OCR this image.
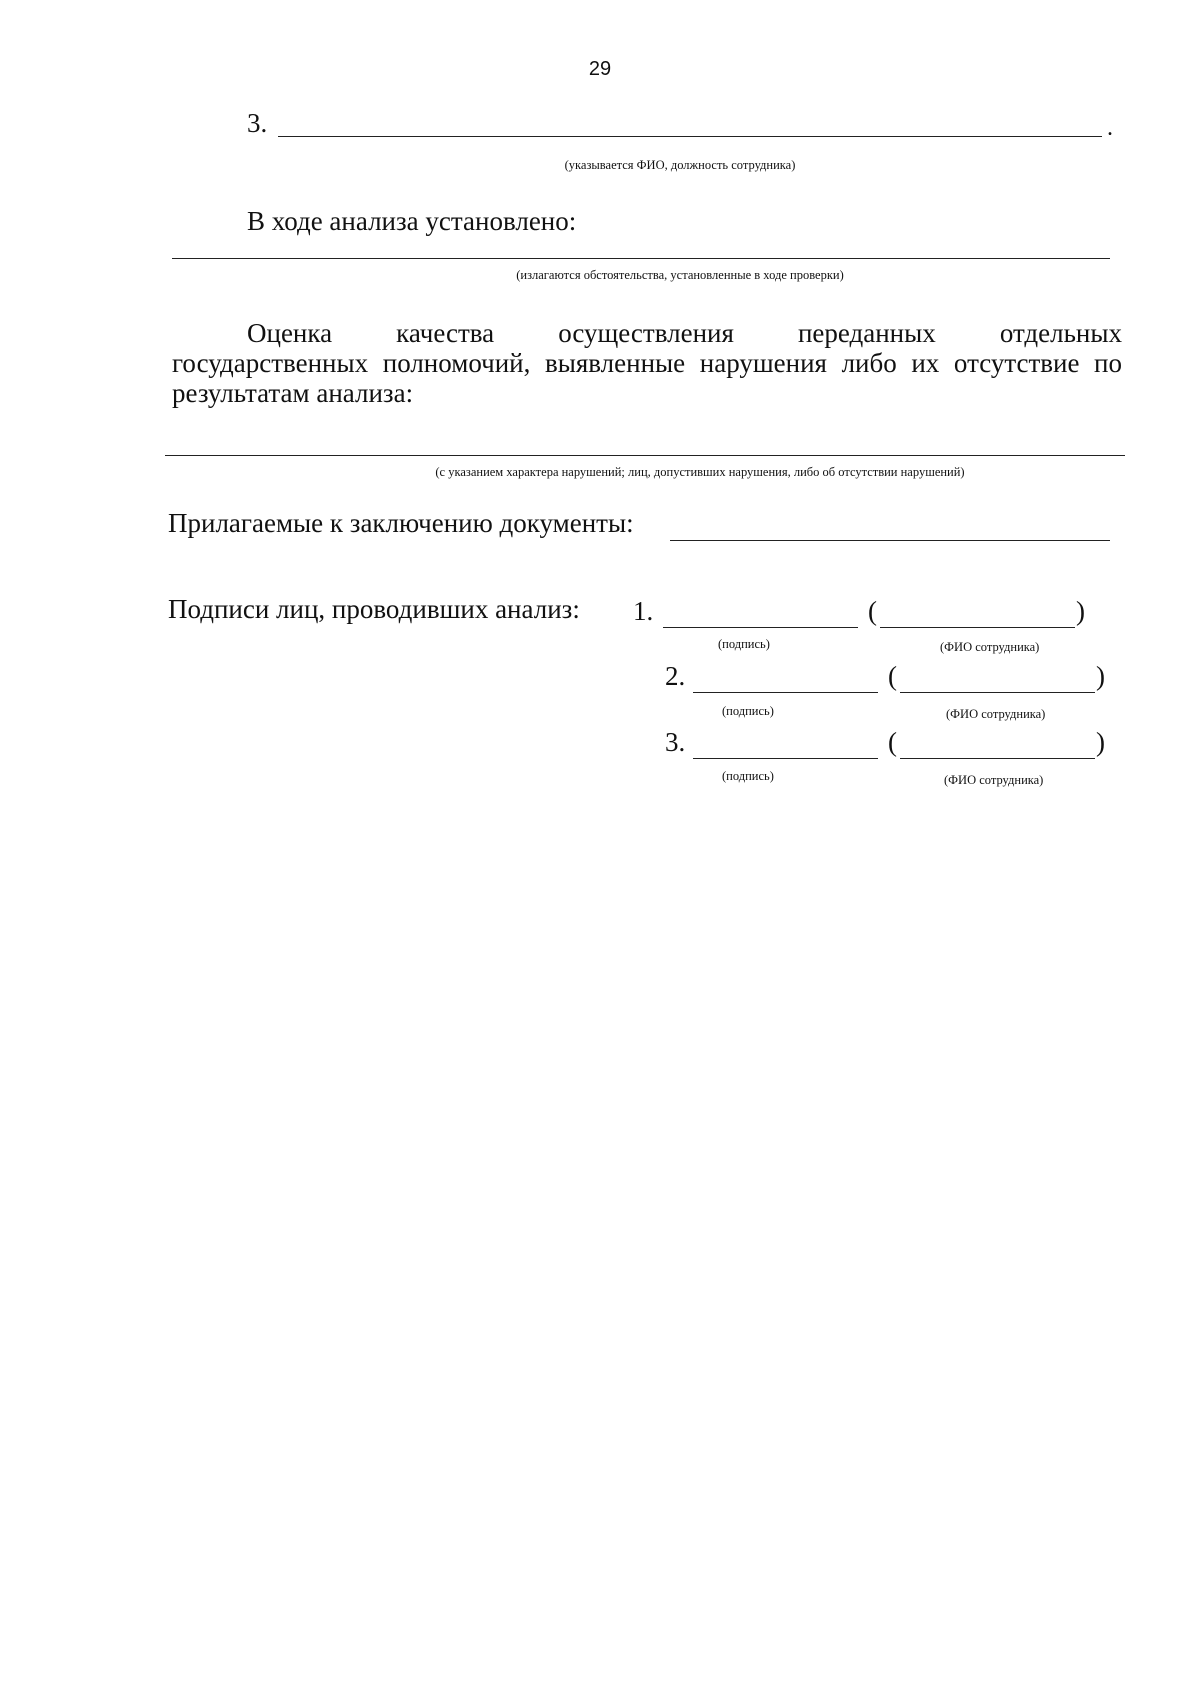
29
3.	.
(указывается ФИО, должность сотрудника)
В ходе анализа установлено:
(излагаются обстоятельства, установленные в ходе проверки)
Оценка качества осуществления переданных отдельных
государственных полномочий, выявленные нарушения либо их отсутствие по
результатам анализа:
(с указанием характера нарушений; лиц, допустивших нарушения, либо об отсутствии нарушений)
Прилагаемые к заключению документы:
Подписи лиц, проводивших анализ: 1.	(	)
(подпись)	(ФИО сотрудника)
2.	(	)
(подпись)	(ФИО сотрудника)
3.	(	)
(подпись)	(ФИО сотрудника)
